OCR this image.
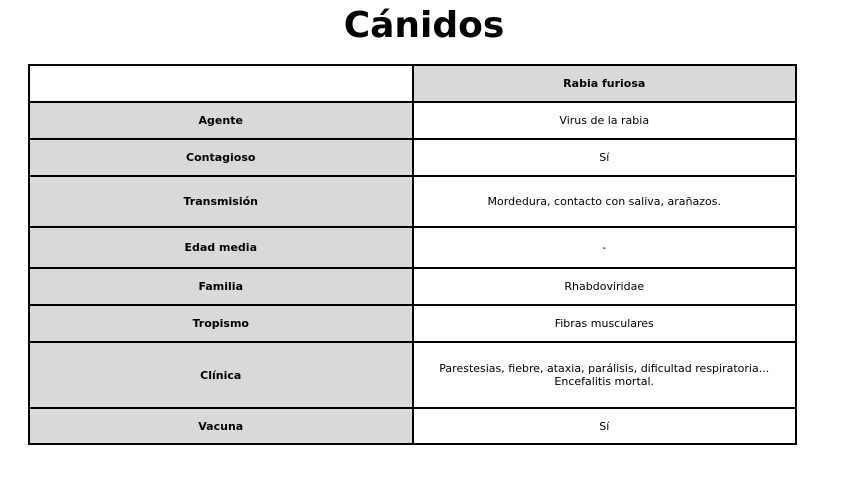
Cánidos
	Rabia furiosa
Agente	Virus de la rabia
Contagioso	Sí
Transmisión	Mordedura, contacto con saliva, arañazos.
Edad media	-
Familia	Rhabdoviridae
Tropismo	Fibras musculares
Clínica	Parestesias, fiebre, ataxia, parálisis, dificultad respiratoria... Encefalitis mortal.
Vacuna	Sí
